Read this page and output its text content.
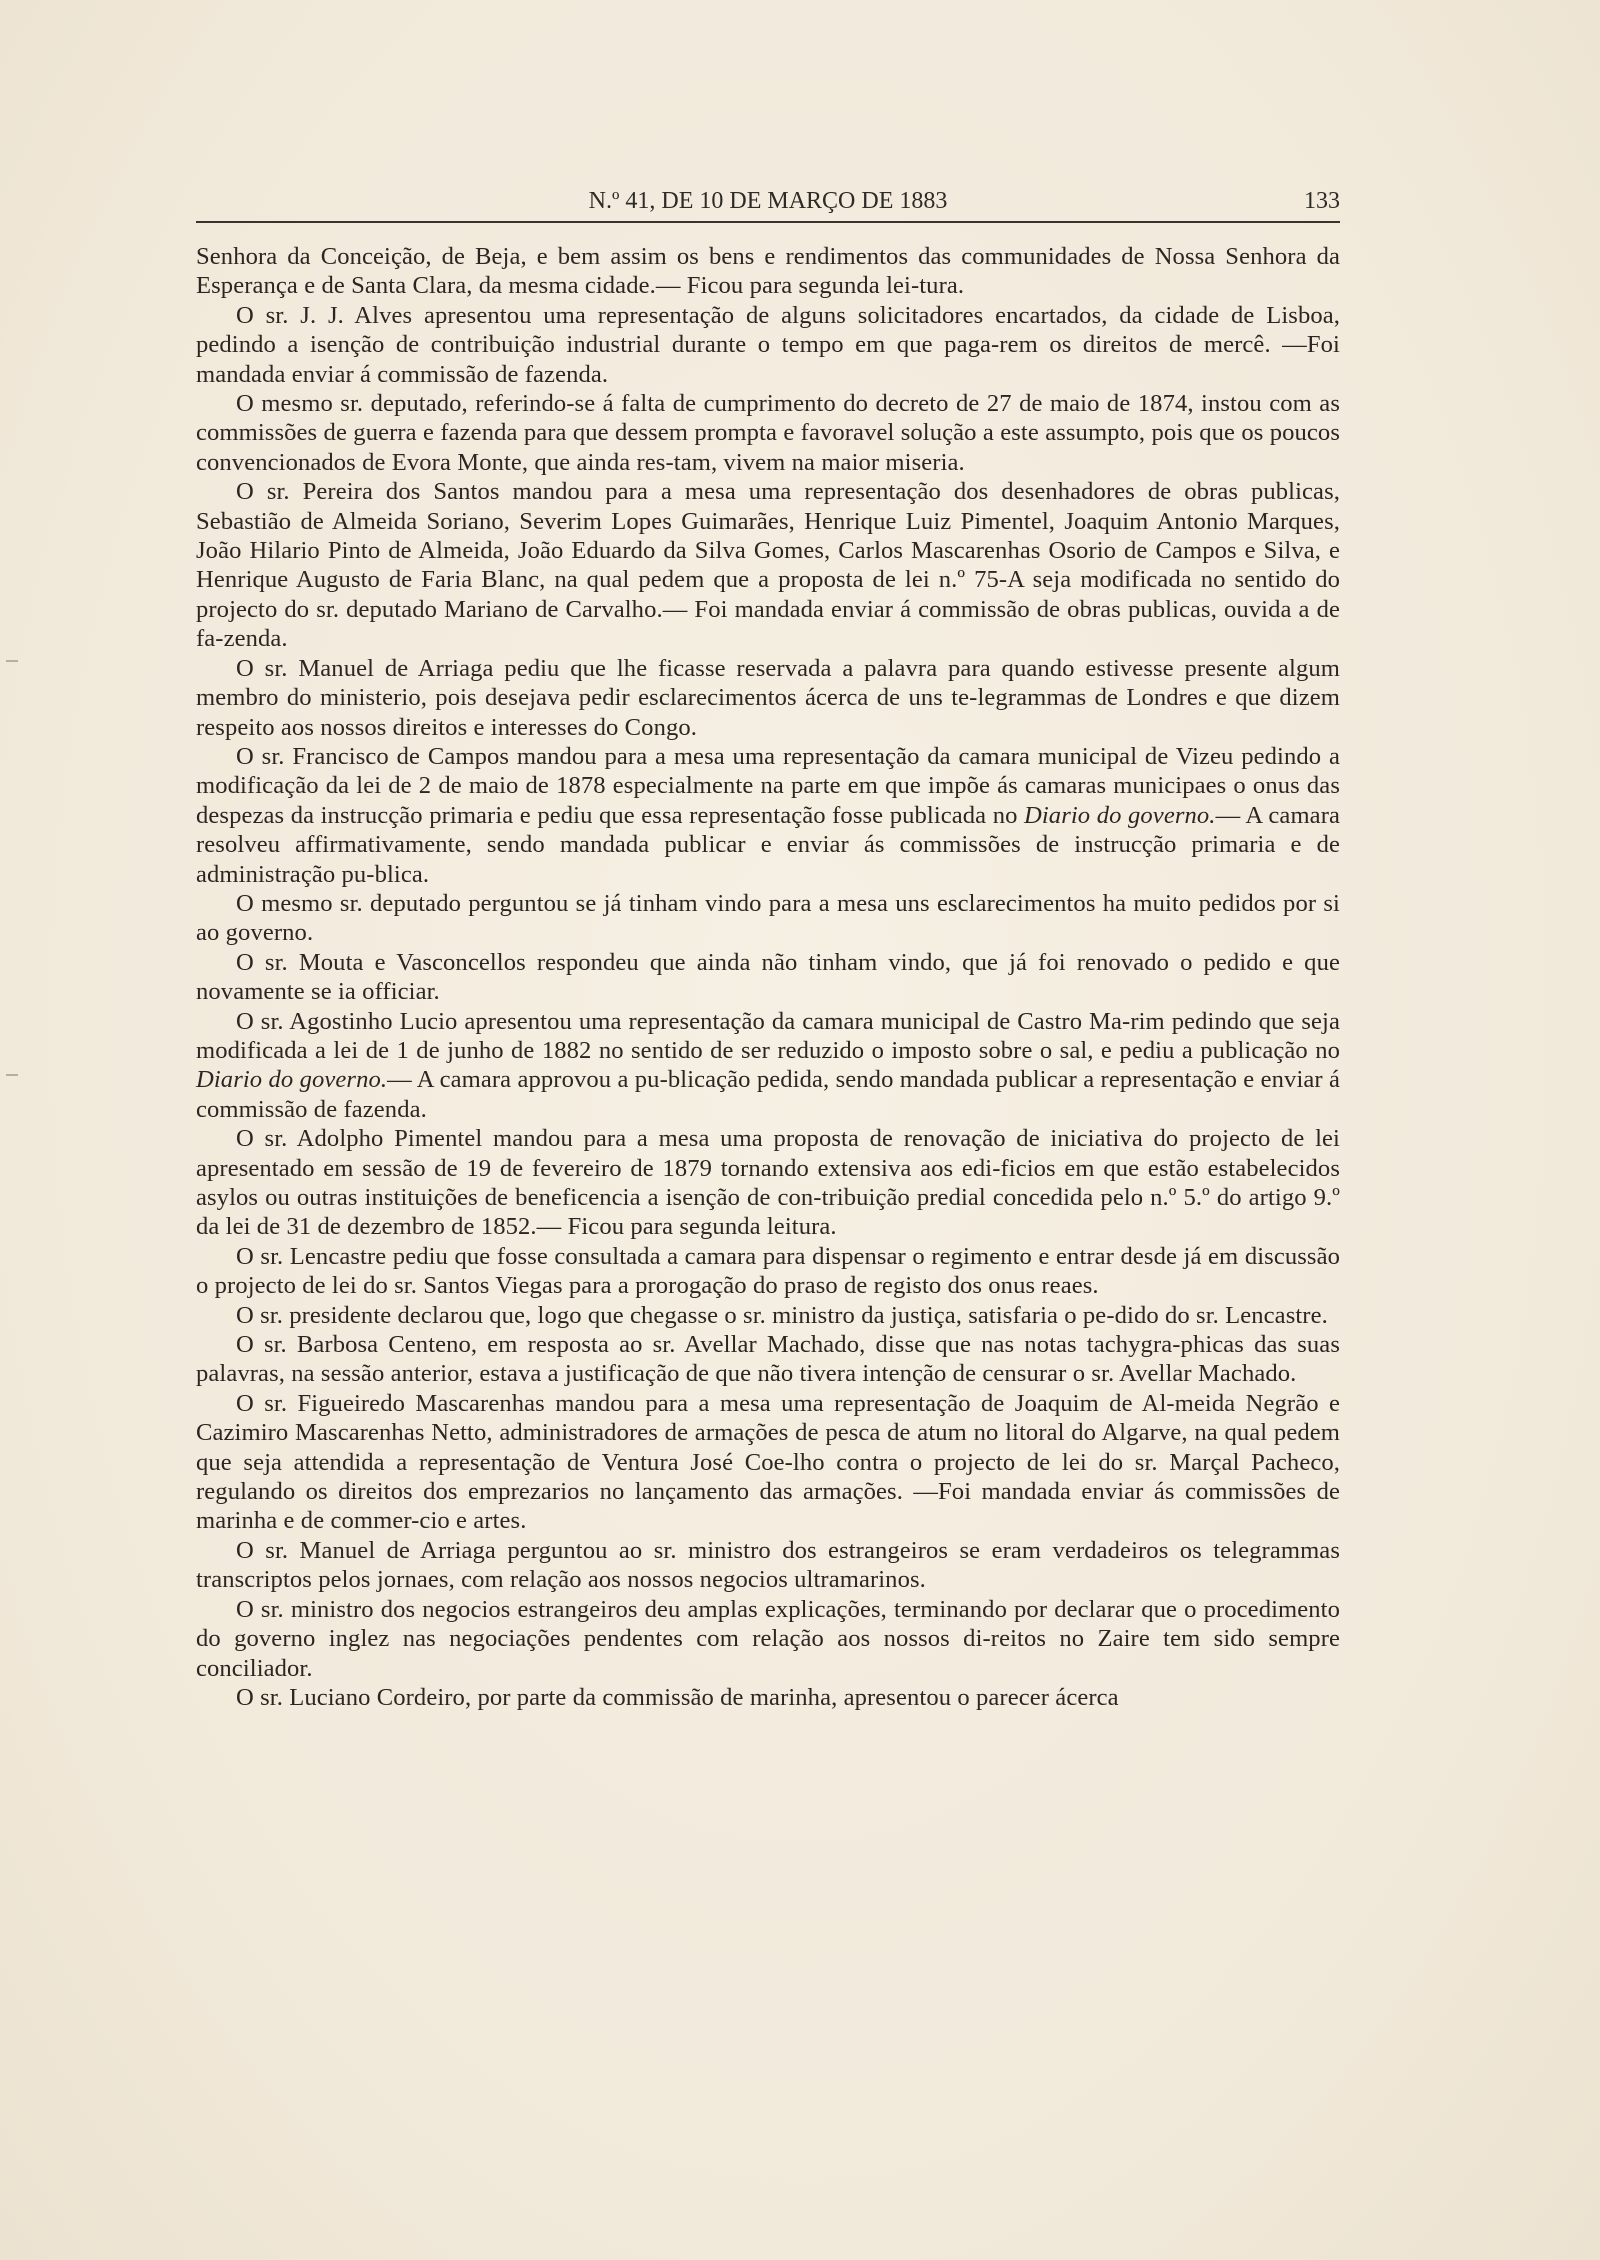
N.º 41, DE 10 DE MARÇO DE 1883	133

Senhora da Conceição, de Beja, e bem assim os bens e rendimentos das communidades de Nossa Senhora da Esperança e de Santa Clara, da mesma cidade.— Ficou para segunda lei-tura.

O sr. J. J. Alves apresentou uma representação de alguns solicitadores encartados, da cidade de Lisboa, pedindo a isenção de contribuição industrial durante o tempo em que paga-rem os direitos de mercê. —Foi mandada enviar á commissão de fazenda.

O mesmo sr. deputado, referindo-se á falta de cumprimento do decreto de 27 de maio de 1874, instou com as commissões de guerra e fazenda para que dessem prompta e favoravel solução a este assumpto, pois que os poucos convencionados de Evora Monte, que ainda res-tam, vivem na maior miseria.

O sr. Pereira dos Santos mandou para a mesa uma representação dos desenhadores de obras publicas, Sebastião de Almeida Soriano, Severim Lopes Guimarães, Henrique Luiz Pimentel, Joaquim Antonio Marques, João Hilario Pinto de Almeida, João Eduardo da Silva Gomes, Carlos Mascarenhas Osorio de Campos e Silva, e Henrique Augusto de Faria Blanc, na qual pedem que a proposta de lei n.º 75-A seja modificada no sentido do projecto do sr. deputado Mariano de Carvalho.— Foi mandada enviar á commissão de obras publicas, ouvida a de fa-zenda.

O sr. Manuel de Arriaga pediu que lhe ficasse reservada a palavra para quando estivesse presente algum membro do ministerio, pois desejava pedir esclarecimentos ácerca de uns te-legrammas de Londres e que dizem respeito aos nossos direitos e interesses do Congo.

O sr. Francisco de Campos mandou para a mesa uma representação da camara municipal de Vizeu pedindo a modificação da lei de 2 de maio de 1878 especialmente na parte em que impõe ás camaras municipaes o onus das despezas da instrucção primaria e pediu que essa representação fosse publicada no Diario do governo.— A camara resolveu affirmativamente, sendo mandada publicar e enviar ás commissões de instrucção primaria e de administração pu-blica.

O mesmo sr. deputado perguntou se já tinham vindo para a mesa uns esclarecimentos ha muito pedidos por si ao governo.

O sr. Mouta e Vasconcellos respondeu que ainda não tinham vindo, que já foi renovado o pedido e que novamente se ia officiar.

O sr. Agostinho Lucio apresentou uma representação da camara municipal de Castro Ma-rim pedindo que seja modificada a lei de 1 de junho de 1882 no sentido de ser reduzido o imposto sobre o sal, e pediu a publicação no Diario do governo.— A camara approvou a pu-blicação pedida, sendo mandada publicar a representação e enviar á commissão de fazenda.

O sr. Adolpho Pimentel mandou para a mesa uma proposta de renovação de iniciativa do projecto de lei apresentado em sessão de 19 de fevereiro de 1879 tornando extensiva aos edi-ficios em que estão estabelecidos asylos ou outras instituições de beneficencia a isenção de con-tribuição predial concedida pelo n.º 5.º do artigo 9.º da lei de 31 de dezembro de 1852.— Ficou para segunda leitura.

O sr. Lencastre pediu que fosse consultada a camara para dispensar o regimento e entrar desde já em discussão o projecto de lei do sr. Santos Viegas para a prorogação do praso de registo dos onus reaes.

O sr. presidente declarou que, logo que chegasse o sr. ministro da justiça, satisfaria o pe-dido do sr. Lencastre.

O sr. Barbosa Centeno, em resposta ao sr. Avellar Machado, disse que nas notas tachygra-phicas das suas palavras, na sessão anterior, estava a justificação de que não tivera intenção de censurar o sr. Avellar Machado.

O sr. Figueiredo Mascarenhas mandou para a mesa uma representação de Joaquim de Al-meida Negrão e Cazimiro Mascarenhas Netto, administradores de armações de pesca de atum no litoral do Algarve, na qual pedem que seja attendida a representação de Ventura José Coe-lho contra o projecto de lei do sr. Marçal Pacheco, regulando os direitos dos emprezarios no lançamento das armações. —Foi mandada enviar ás commissões de marinha e de commer-cio e artes.

O sr. Manuel de Arriaga perguntou ao sr. ministro dos estrangeiros se eram verdadeiros os telegrammas transcriptos pelos jornaes, com relação aos nossos negocios ultramarinos.

O sr. ministro dos negocios estrangeiros deu amplas explicações, terminando por declarar que o procedimento do governo inglez nas negociações pendentes com relação aos nossos di-reitos no Zaire tem sido sempre conciliador.

O sr. Luciano Cordeiro, por parte da commissão de marinha, apresentou o parecer ácerca
